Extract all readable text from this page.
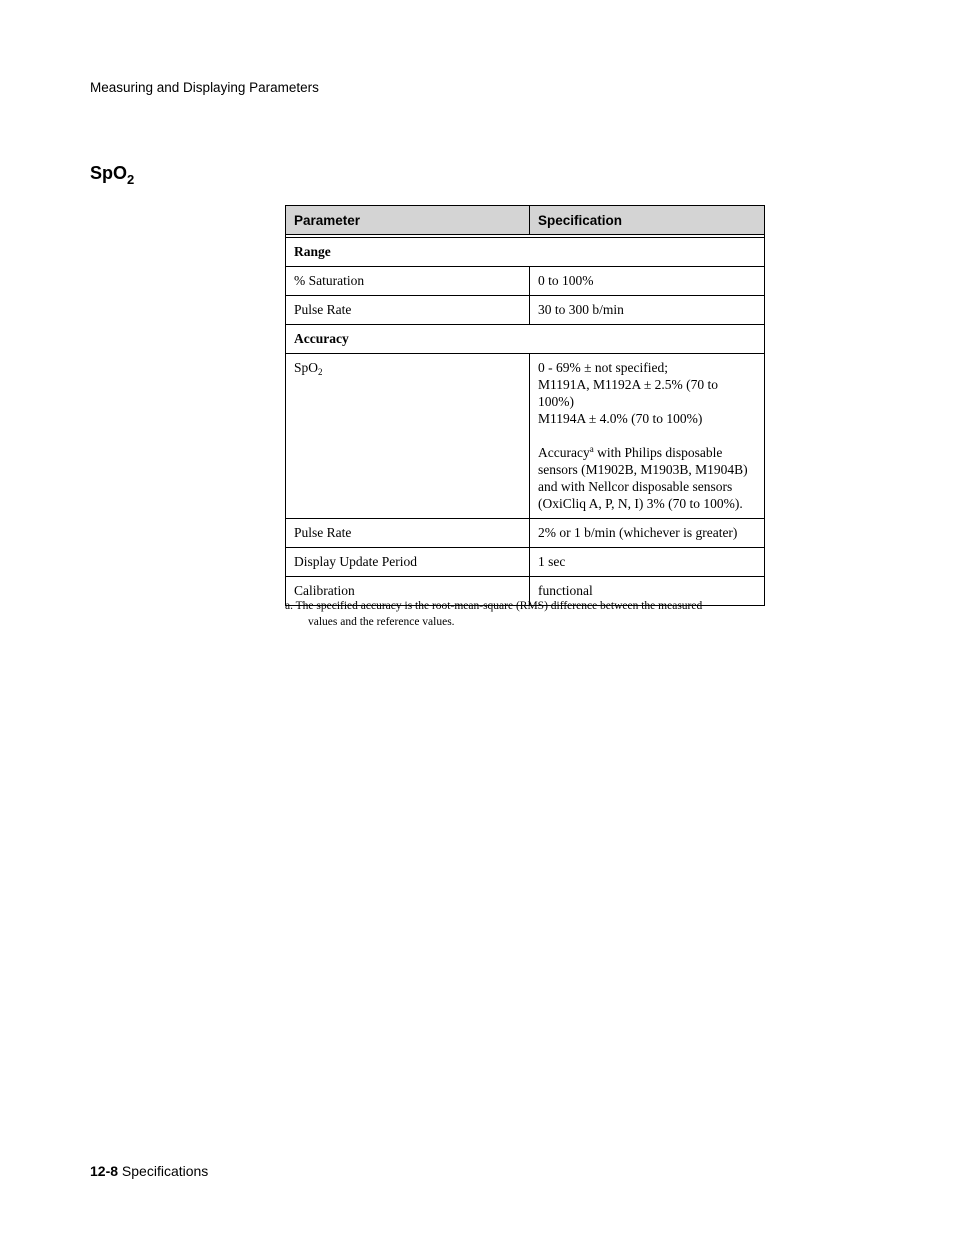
Measuring and Displaying Parameters
SpO$_2$
Parameter	Specification

Range	
% Saturation	0 to 100%
Pulse Rate	30 to 300 b/min
Accuracy	
SpO$_2$	0 - 69% ± not specified;
M1191A, M1192A ± 2.5% (70 to 100%)
M1194A ± 4.0% (70 to 100%)

Accuracy$^a$ with Philips disposable sensors (M1902B, M1903B, M1904B) and with Nellcor disposable sensors (OxiCliq A, P, N, I) 3% (70 to 100%).

Pulse Rate	2% or 1 b/min (whichever is greater)
Display Update Period	1 sec
Calibration	functional
a. The specified accuracy is the root-mean-square (RMS) difference between the measured
values and the reference values.
12-8 Specifications
